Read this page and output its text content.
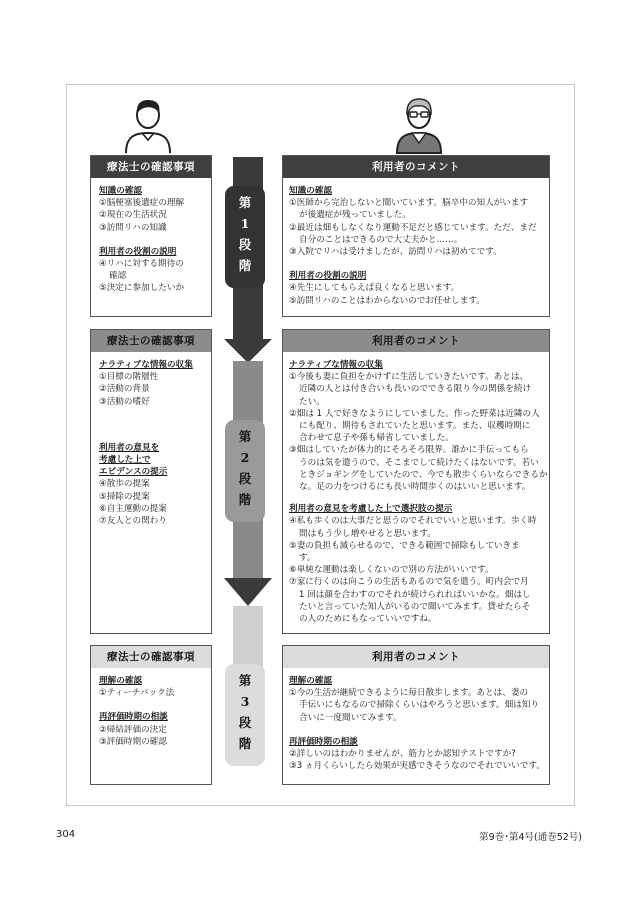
第
1
段
階
第
2
段
階
第
3
段
階
療法士の確認事項
知識の確認
①脳梗塞後遺症の理解
②現在の生活状況
③訪問リハの知識
利用者の役割の説明
④リハに対する期待の
確認
⑤決定に参加したいか
利用者のコメント
知識の確認
①医師から完治しないと聞いています。脳卒中の知人がいます
が後遺症が残っていました。
②最近は畑もしなくなり運動不足だと感じています。ただ、まだ
自分のことはできるので大丈夫かと……。
③入院でリハは受けましたが、訪問リハは初めてです。
利用者の役割の説明
④先生にしてもらえば良くなると思います。
⑤訪問リハのことはわからないのでお任せします。
療法士の確認事項
ナラティブな情報の収集
①目標の階層性
②活動の背景
③活動の嗜好
利用者の意見を
考慮した上で
エビデンスの提示
④散歩の提案
⑤掃除の提案
⑥自主運動の提案
⑦友人との関わり
利用者のコメント
ナラティブな情報の収集
①今後も妻に負担をかけずに生活していきたいです。あとは、
近隣の人とは付き合いも長いのでできる限り今の関係を続け
たい。
②畑は 1 人で好きなようにしていました。作った野菜は近隣の人
にも配り、期待もされていたと思います。また、収穫時期に
合わせて息子や孫も帰省していました。
③畑はしていたが体力的にそろそろ限界。誰かに手伝ってもら
うのは気を遣うので、そこまでして続けたくはないです。若い
ときジョギングをしていたので、今でも散歩くらいならできるか
な。足の力をつけるにも長い時間歩くのはいいと思います。
利用者の意見を考慮した上で選択肢の提示
④私も歩くのは大事だと思うのでそれでいいと思います。歩く時
間はもう少し増やせると思います。
⑤妻の負担も減らせるので、できる範囲で掃除もしていきま
す。
⑥単純な運動は楽しくないので別の方法がいいです。
⑦家に行くのは向こうの生活もあるので気を遣う。町内会で月
1 回は顔を合わすのでそれが続けられればいいかな。畑はし
たいと言っていた知人がいるので聞いてみます。貸せたらそ
の人のためにもなっていいですね。
療法士の確認事項
理解の確認
①ティーチバック法
再評価時期の相談
②帰結評価の決定
③評価時期の確認
利用者のコメント
理解の確認
①今の生活が継続できるように毎日散歩します。あとは、妻の
手伝いにもなるので掃除くらいはやろうと思います。畑は知り
合いに一度聞いてみます。
再評価時期の相談
②詳しいのはわかりませんが、筋力とか認知テストですか?
③3 ヵ月くらいしたら効果が実感できそうなのでそれでいいです。
304	第9巻･第4号(通巻52号)
